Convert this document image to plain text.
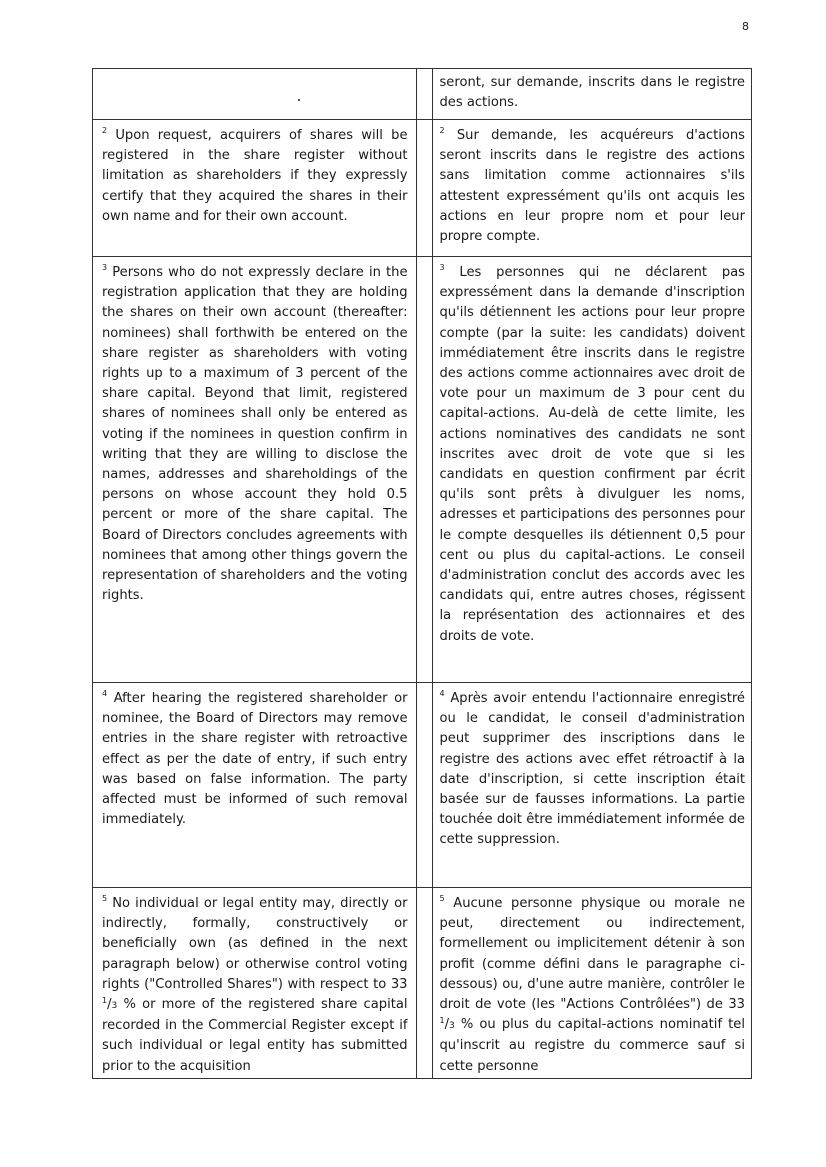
8
seront, sur demande, inscrits dans le registre des actions.
$^2$ Upon request, acquirers of shares will be registered in the share register without limitation as shareholders if they expressly certify that they acquired the shares in their own name and for their own account.
$^2$ Sur demande, les acquéreurs d'actions seront inscrits dans le registre des actions sans limitation comme actionnaires s'ils attestent expressément qu'ils ont acquis les actions en leur propre nom et pour leur propre compte.
$^3$ Persons who do not expressly declare in the registration application that they are holding the shares on their own account (thereafter: nominees) shall forthwith be entered on the share register as shareholders with voting rights up to a maximum of 3 percent of the share capital. Beyond that limit, registered shares of nominees shall only be entered as voting if the nominees in question confirm in writing that they are willing to disclose the names, addresses and shareholdings of the persons on whose account they hold 0.5 percent or more of the share capital. The Board of Directors concludes agreements with nominees that among other things govern the representation of shareholders and the voting rights.
$^3$ Les personnes qui ne déclarent pas expressément dans la demande d'inscription qu'ils détiennent les actions pour leur propre compte (par la suite: les candidats) doivent immédiatement être inscrits dans le registre des actions comme actionnaires avec droit de vote pour un maximum de 3 pour cent du capital-actions. Au-delà de cette limite, les actions nominatives des candidats ne sont inscrites avec droit de vote que si les candidats en question confirment par écrit qu'ils sont prêts à divulguer les noms, adresses et participations des personnes pour le compte desquelles ils détiennent 0,5 pour cent ou plus du capital-actions. Le conseil d'administration conclut des accords avec les candidats qui, entre autres choses, régissent la représentation des actionnaires et des droits de vote.
$^4$ After hearing the registered shareholder or nominee, the Board of Directors may remove entries in the share register with retroactive effect as per the date of entry, if such entry was based on false information. The party affected must be informed of such removal immediately.
$^4$ Après avoir entendu l'actionnaire enregistré ou le candidat, le conseil d'administration peut supprimer des inscriptions dans le registre des actions avec effet rétroactif à la date d'inscription, si cette inscription était basée sur de fausses informations. La partie touchée doit être immédiatement informée de cette suppression.
$^5$ No individual or legal entity may, directly or indirectly, formally, constructively or beneficially own (as defined in the next paragraph below) or otherwise control voting rights ("Controlled Shares") with respect to 33 $^1$/3 % or more of the registered share capital recorded in the Commercial Register except if such individual or legal entity has submitted prior to the acquisition
$^5$ Aucune personne physique ou morale ne peut, directement ou indirectement, formellement ou implicitement détenir à son profit (comme défini dans le paragraphe ci-dessous) ou, d'une autre manière, contrôler le droit de vote (les "Actions Contrôlées") de 33 $^1$/3 % ou plus du capital-actions nominatif tel qu'inscrit au registre du commerce sauf si cette personne
